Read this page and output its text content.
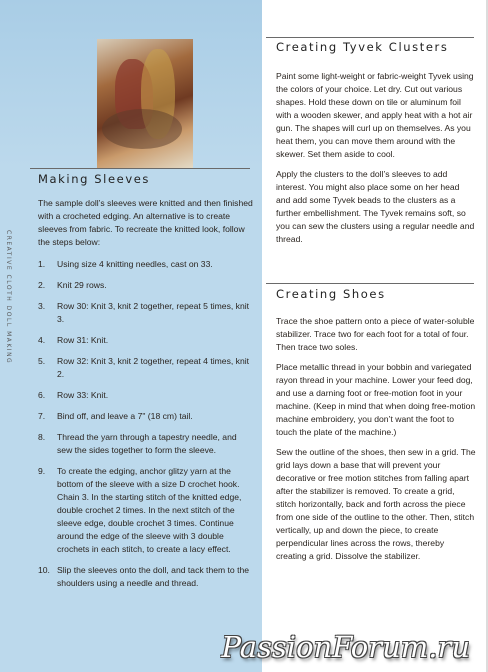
CREATIVE CLOTH DOLL MAKING
Making Sleeves
The sample doll’s sleeves were knitted and then finished with a crocheted edging. An alternative is to create sleeves from fabric. To recreate the knitted look, follow the steps below:
1. Using size 4 knitting needles, cast on 33.
2. Knit 29 rows.
3. Row 30: Knit 3, knit 2 together, repeat 5 times, knit 3.
4. Row 31: Knit.
5. Row 32: Knit 3, knit 2 together, repeat 4 times, knit 2.
6. Row 33: Knit.
7. Bind off, and leave a 7" (18 cm) tail.
8. Thread the yarn through a tapestry needle, and sew the sides together to form the sleeve.
9. To create the edging, anchor glitzy yarn at the bottom of the sleeve with a size D crochet hook. Chain 3. In the starting stitch of the knitted edge, double crochet 2 times. In the next stitch of the sleeve edge, double crochet 3 times. Continue around the edge of the sleeve with 3 double crochets in each stitch, to create a lacy effect.
10. Slip the sleeves onto the doll, and tack them to the shoulders using a needle and thread.
Creating Tyvek Clusters

Paint some light-weight or fabric-weight Tyvek using the colors of your choice. Let dry. Cut out various shapes. Hold these down on tile or aluminum foil with a wooden skewer, and apply heat with a hot air gun. The shapes will curl up on themselves. As you heat them, you can move them around with the skewer. Set them aside to cool.

Apply the clusters to the doll’s sleeves to add interest. You might also place some on her head and add some Tyvek beads to the clusters as a further embellishment. The Tyvek remains soft, so you can sew the clusters using a regular needle and thread.

Creating Shoes

Trace the shoe pattern onto a piece of water-soluble stabilizer. Trace two for each foot for a total of four. Then trace two soles.

Place metallic thread in your bobbin and variegated rayon thread in your machine. Lower your feed dog, and use a darning foot or free-motion foot in your machine. (Keep in mind that when doing free-motion machine embroidery, you don’t want the foot to touch the plate of the machine.)

Sew the outline of the shoes, then sew in a grid. The grid lays down a base that will prevent your decorative or free motion stitches from falling apart after the stabilizer is removed. To create a grid, stitch horizontally, back and forth across the piece from one side of the outline to the other. Then, stitch vertically, up and down the piece, to create perpendicular lines across the rows, thereby creating a grid. Dissolve the stabilizer.

PassionForum.ru
